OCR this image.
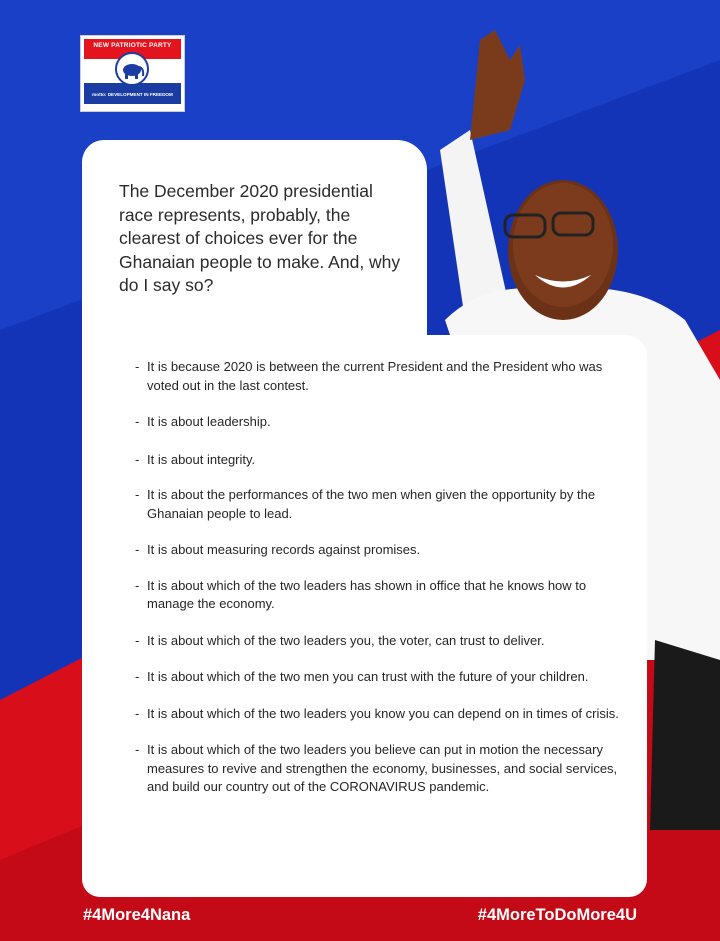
NEW PATRIOTIC PARTY
motto: DEVELOPMENT IN FREEDOM

The December 2020 presidential race represents, probably, the clearest of choices ever for the Ghanaian people to make. And, why do I say so?

- It is because 2020 is between the current President and the President who was voted out in the last contest.
- It is about leadership.
- It is about integrity.
- It is about the performances of the two men when given the opportunity by the Ghanaian people to lead.
- It is about measuring records against promises.
- It is about which of the two leaders has shown in office that he knows how to manage the economy.
- It is about which of the two leaders you, the voter, can trust to deliver.
- It is about which of the two men you can trust with the future of your children.
- It is about which of the two leaders you know you can depend on in times of crisis.
- It is about which of the two leaders you believe can put in motion the necessary measures to revive and strengthen the economy, businesses, and social services, and build our country out of the CORONAVIRUS pandemic.
#4More4Nana	#4MoreToDoMore4U
